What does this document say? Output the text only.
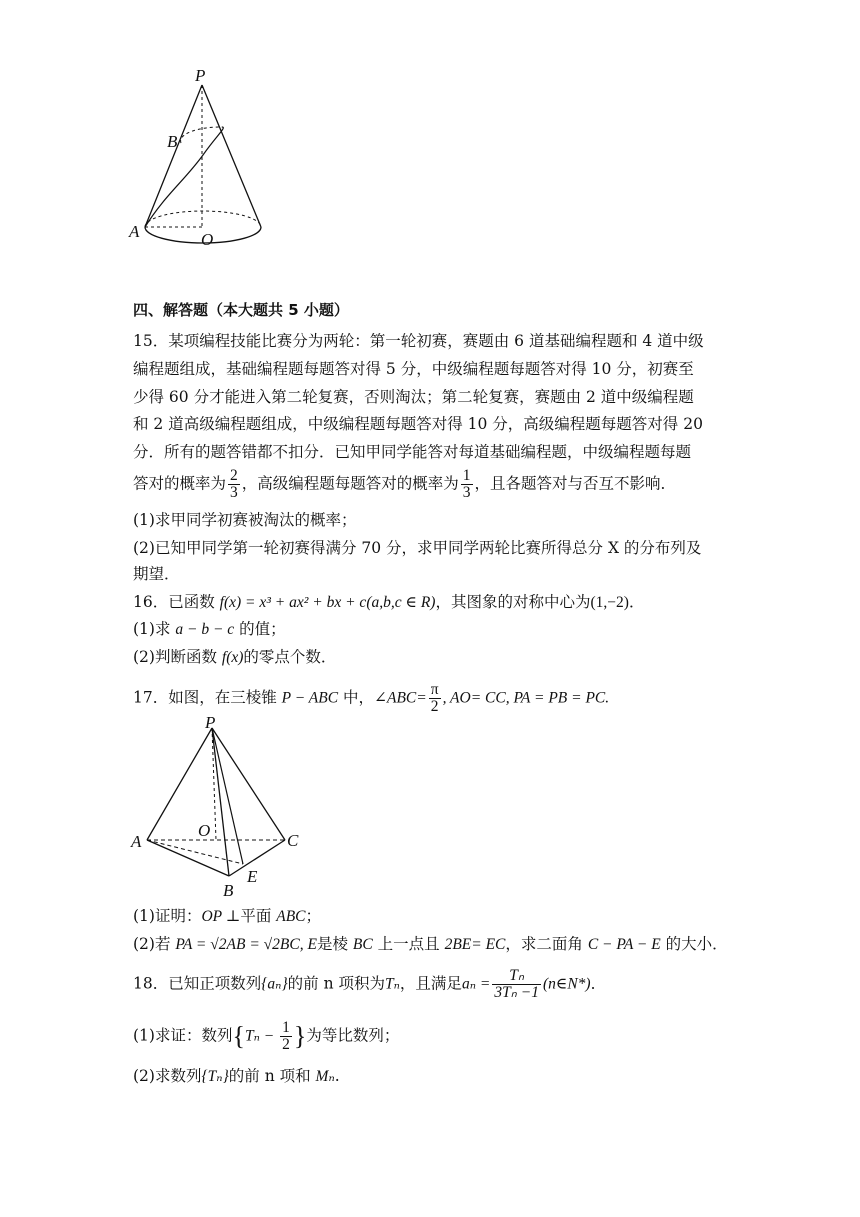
P
B
A	O
四、解答题（本大题共 5 小题）
15．某项编程技能比赛分为两轮：第一轮初赛，赛题由 6 道基础编程题和 4 道中级
编程题组成，基础编程题每题答对得 5 分，中级编程题每题答对得 10 分，初赛至
少得 60 分才能进入第二轮复赛，否则淘汰；第二轮复赛，赛题由 2 道中级编程题
和 2 道高级编程题组成，中级编程题每题答对得 10 分，高级编程题每题答对得 20
分．所有的题答错都不扣分．已知甲同学能答对每道基础编程题，中级编程题每题
答对的概率为 $\frac{2}{3}$ ，高级编程题每题答对的概率为 $\frac{1}{3}$ ，且各题答对与否互不影响．
(1)求甲同学初赛被淘汰的概率；
(2)已知甲同学第一轮初赛得满分 70 分，求甲同学两轮比赛所得总分 X 的分布列及
期望．
16．已函数 f(x) = x³ + ax² + bx + c(a,b,c ∈ R)，其图象的对称中心为(1,−2)．
(1)求 a − b − c 的值；
(2)判断函数 f(x)的零点个数．
17．如图，在三棱锥 P − ABC 中，∠ABC= $\frac{\pi}{2}$ , AO= CC, PA = PB = PC.
P
O
A	C
B
E
(1)证明：OP ⊥平面 ABC；
(2)若 PA = √2AB = √2BC, E是棱 BC 上一点且 2BE= EC，求二面角 C − PA − E 的大小．
18．已知正项数列{aₙ}的前 n 项积为Tₙ，且满足$a_n = \frac{\text{Tₙ}}{\text{3Tₙ −1}}$ (n∈N*)．
(1)求证：数列{$T_n - \frac{1}{2}$ }为等比数列；
(2)求数列{Tₙ}的前 n 项和 Mₙ.
